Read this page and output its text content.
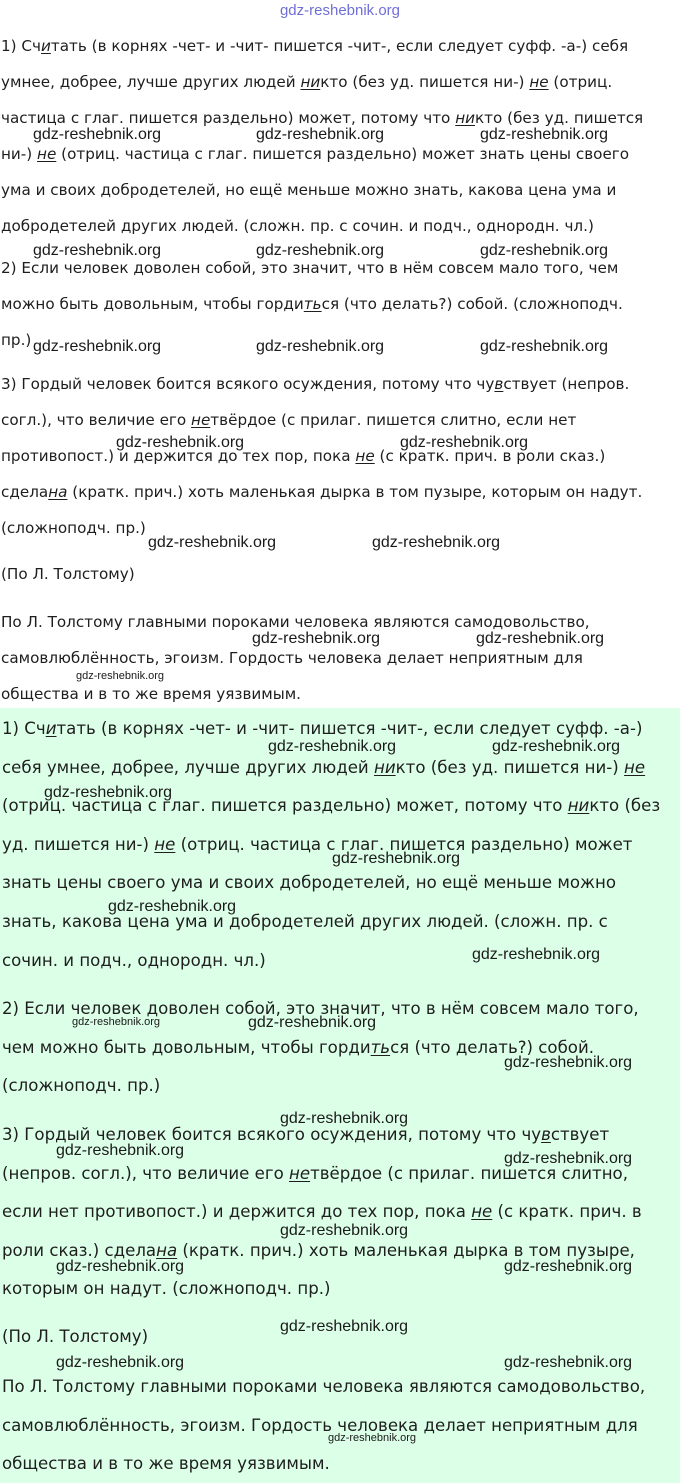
gdz-reshebnik.org
1) Считать (в корнях -чет- и -чит- пишется -чит-, если следует суфф. -а-) себя
умнее, добрее, лучше других людей никто (без уд. пишется ни-) не (отриц.
частица с глаг. пишется раздельно) может, потому что никто (без уд. пишется
ни-) не (отриц. частица с глаг. пишется раздельно) может знать цены своего
ума и своих добродетелей, но ещё меньше можно знать, какова цена ума и
добродетелей других людей. (сложн. пр. с сочин. и подч., однородн. чл.)
2) Если человек доволен собой, это значит, что в нём совсем мало того, чем
можно быть довольным, чтобы гордиться (что делать?) собой. (сложноподч.
пр.)
3) Гордый человек боится всякого осуждения, потому что чувствует (непров.
согл.), что величие его нетвёрдое (с прилаг. пишется слитно, если нет
противопост.) и держится до тех пор, пока не (с кратк. прич. в роли сказ.)
сделана (кратк. прич.) хоть маленькая дырка в том пузыре, которым он надут.
(сложноподч. пр.)
(По Л. Толстому)
По Л. Толстому главными пороками человека являются самодовольство,
самовлюблённость, эгоизм. Гордость человека делает неприятным для
общества и в то же время уязвимым.
1) Считать (в корнях -чет- и -чит- пишется -чит-, если следует суфф. -а-)
себя умнее, добрее, лучше других людей никто (без уд. пишется ни-) не
(отриц. частица с глаг. пишется раздельно) может, потому что никто (без
уд. пишется ни-) не (отриц. частица с глаг. пишется раздельно) может
знать цены своего ума и своих добродетелей, но ещё меньше можно
знать, какова цена ума и добродетелей других людей. (сложн. пр. с
сочин. и подч., однородн. чл.)
2) Если человек доволен собой, это значит, что в нём совсем мало того,
чем можно быть довольным, чтобы гордиться (что делать?) собой.
(сложноподч. пр.)
3) Гордый человек боится всякого осуждения, потому что чувствует
(непров. согл.), что величие его нетвёрдое (с прилаг. пишется слитно,
если нет противопост.) и держится до тех пор, пока не (с кратк. прич. в
роли сказ.) сделана (кратк. прич.) хоть маленькая дырка в том пузыре,
которым он надут. (сложноподч. пр.)
(По Л. Толстому)
По Л. Толстому главными пороками человека являются самодовольство,
самовлюблённость, эгоизм. Гордость человека делает неприятным для
общества и в то же время уязвимым.
gdz-reshebnik.org	gdz-reshebnik.org	gdz-reshebnik.org
gdz-reshebnik.org	gdz-reshebnik.org	gdz-reshebnik.org
gdz-reshebnik.org	gdz-reshebnik.org	gdz-reshebnik.org
gdz-reshebnik.org	gdz-reshebnik.org
gdz-reshebnik.org	gdz-reshebnik.org
gdz-reshebnik.org	gdz-reshebnik.org
gdz-reshebnik.org
gdz-reshebnik.org	gdz-reshebnik.org
gdz-reshebnik.org
gdz-reshebnik.org
gdz-reshebnik.org
gdz-reshebnik.org
gdz-reshebnik.org	gdz-reshebnik.org
gdz-reshebnik.org
gdz-reshebnik.org
gdz-reshebnik.org	gdz-reshebnik.org
gdz-reshebnik.org
gdz-reshebnik.org	gdz-reshebnik.org
gdz-reshebnik.org
gdz-reshebnik.org	gdz-reshebnik.org
gdz-reshebnik.org
